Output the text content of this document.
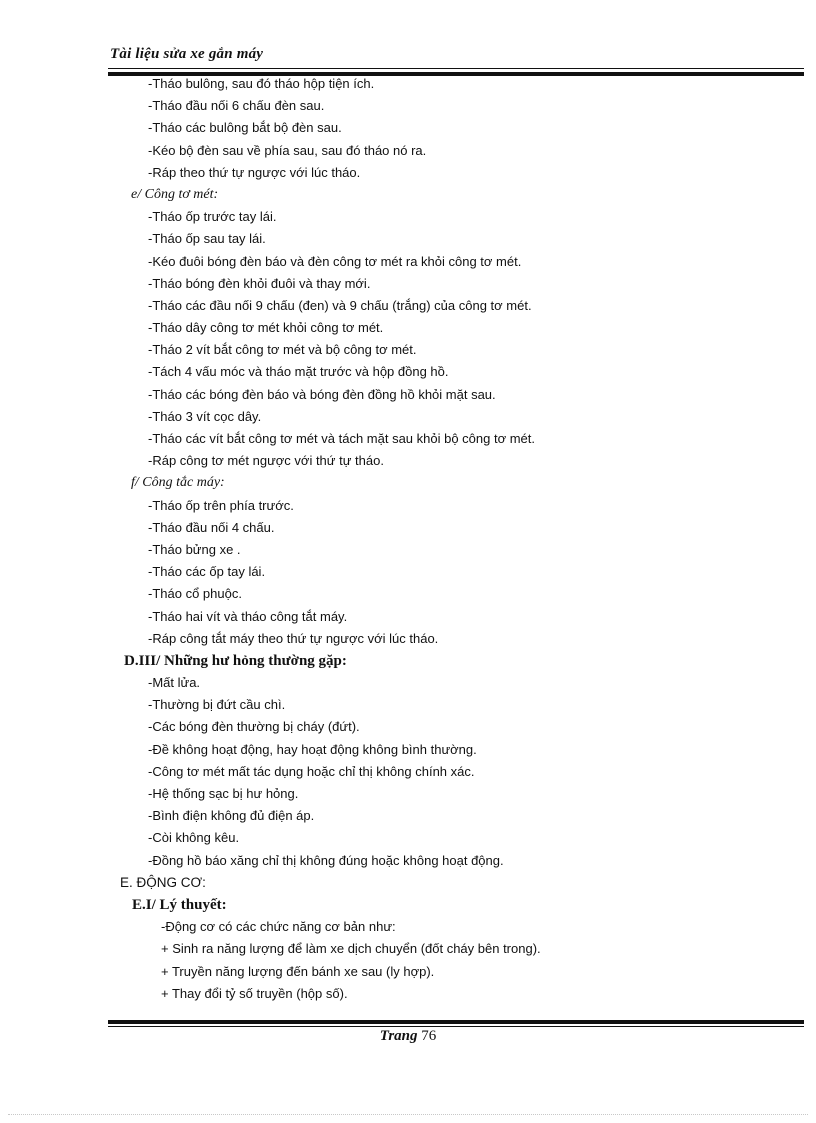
Tài liệu sửa xe gắn máy
-Tháo bulông, sau đó tháo hộp tiện ích.
-Tháo đầu nối 6 chấu đèn sau.
-Tháo các bulông bắt bộ đèn sau.
-Kéo bộ đèn sau về phía sau, sau đó tháo nó ra.
-Ráp theo thứ tự ngược với lúc tháo.
e/ Công tơ mét:
-Tháo ốp trước tay lái.
-Tháo ốp sau tay lái.
-Kéo đuôi bóng đèn báo và đèn công tơ mét ra khỏi công tơ mét.
-Tháo bóng đèn khỏi đuôi và thay mới.
-Tháo các đầu nối 9 chấu (đen) và 9 chấu (trắng) của công tơ mét.
-Tháo dây công tơ mét khỏi công tơ mét.
-Tháo 2 vít bắt công tơ mét và bộ công tơ mét.
-Tách 4 vấu móc và tháo mặt trước và hộp đồng hồ.
-Tháo các bóng đèn báo và bóng đèn đồng hồ khỏi mặt sau.
-Tháo 3 vít cọc dây.
-Tháo các vít bắt công tơ mét và tách mặt sau khỏi bộ công tơ mét.
-Ráp công tơ mét ngược với thứ tự tháo.
f/ Công tắc máy:
-Tháo ốp trên phía trước.
-Tháo đầu nối 4 chấu.
-Tháo bửng xe .
-Tháo các ốp tay lái.
-Tháo cổ phuộc.
-Tháo hai vít và tháo công tắt máy.
-Ráp công tắt máy theo thứ tự ngược với lúc tháo.
D.III/ Những hư hỏng thường gặp:
-Mất lửa.
-Thường bị đứt cầu chì.
-Các bóng đèn thường bị cháy (đứt).
-Đề không hoạt động, hay hoạt động không bình thường.
-Công tơ mét mất tác dụng hoặc chỉ thị không chính xác.
-Hệ thống sạc bị hư hỏng.
-Bình điện không đủ điện áp.
-Còi không kêu.
-Đồng hồ báo xăng chỉ thị không đúng hoặc không hoạt động.
E. ĐỘNG CƠ:
E.I/ Lý thuyết:
-Động cơ có các chức năng cơ bản như:
+ Sinh ra năng lượng để làm xe dịch chuyển (đốt cháy bên trong).
+ Truyền năng lượng đến bánh xe sau (ly hợp).
+ Thay đổi tỷ số truyền (hộp số).
Trang 76
